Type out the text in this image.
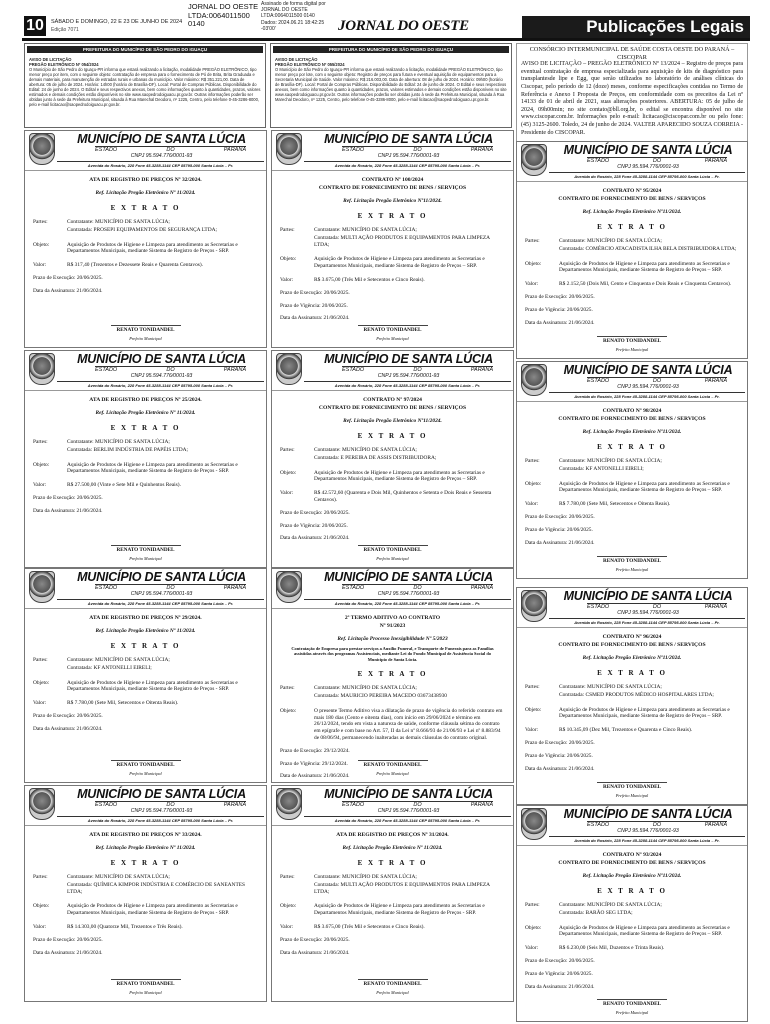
10	SÁBADO E DOMINGO, 22 E 23 DE JUNHO DE 2024
Edição 7071
JORNAL DO OESTE LTDA:0064011500 0140
Assinado de forma digital por JORNAL DO OESTE LTDA:0064011500 0140 Dados: 2024.06.21 18:42:25 -03'00'	JORNAL DO OESTE	Publicações Legais
PREFEITURA DO MUNICÍPIO DE SÃO PEDRO DO IGUAÇU
AVISO DE LICITAÇÃO
PREGÃO ELETRÔNICO Nº 054/2024
O Município de São Pedro do Iguaçu-PR informa que estará realizando a licitação, modalidade PREGÃO ELETRÔNICO, tipo menor preço por item, com o seguinte objeto: contratação de empresa para o fornecimento de Pó de Brita, Brita Graduada e demais materiais, para manutenção de estradas rurais e urbanas do município. Valor máximo: R$ 351.221,00. Data de abertura: 05 de julho de 2024. Horário: 14h00 (horário de Brasília-DF). Local: Portal de Compras Públicas. Disponibilidade do Edital: 24 de junho de 2024. O Edital e seus respectivos anexos, bem como informações quanto à quantidades, prazos, valores estimados e demais condições estão disponíveis no site www.saopedrodoiguacu.pr.gov.br. Outras informações poderão ser obtidas junto à sede da Prefeitura Municipal, situada à Rua Marechal Deodoro, nº 1225, Centro, pelo telefone 0-45-3286-8000, pelo e-mail licitacao@saopedrodoiguacu.pr.gov.br.
PREFEITURA DO MUNICÍPIO DE SÃO PEDRO DO IGUAÇU
AVISO DE LICITAÇÃO
PREGÃO ELETRÔNICO Nº 055/2024
O Município de São Pedro do Iguaçu-PR informa que estará realizando a licitação, modalidade PREGÃO ELETRÔNICO, tipo menor preço por lote, com o seguinte objeto: Registro de preços para futura e eventual aquisição de equipamentos para a Secretaria Municipal de Saúde. Valor máximo: R$ 216.003,00. Data de abertura: 08 de julho de 2024. Horário: 09h00 (horário de Brasília-DF). Local: Portal de Compras Públicas. Disponibilidade do Edital: 24 de junho de 2024. O Edital e seus respectivos anexos, bem como informações quanto à quantidades, prazos, valores estimados e demais condições estão disponíveis no site www.saopedrodoiguacu.pr.gov.br. Outras informações poderão ser obtidas junto à sede da Prefeitura Municipal, situada à Rua Marechal Deodoro, nº 1225, Centro, pelo telefone 0-45-3286-8000, pelo e-mail licitacao@saopedrodoiguacu.pr.gov.br.
CONSÓRCIO INTERMUNICIPAL DE SAÚDE COSTA OESTE DO PARANÁ – CISCOPAR
AVISO DE LICITAÇÃO – PREGÃO ELETRÔNICO Nº 13/2024 – Registro de preços para eventual contratação de empresa especializada para aquisição de kits de diagnóstico para transplantesde lipe e Egg, que serão utilizados no laboratório de análises clínicas do Ciscopar, pelo período de 12 (doze) meses, conforme especificações contidas no Termo de Referência e Anexo I Proposta de Preços, em conformidade com os preceitos da Lei nº 14133 de 01 de abril de 2021, suas alterações posteriores. ABERTURA: 05 de julho de 2024, 09h00min; no site contato@bll.org.br, o edital se encontra disponível no site www.ciscopar.com.br. Informações pelo e-mail: licitacao@ciscopar.com.br ou pelo fone: (45) 3125-2600. Toledo, 24 de junho de 2024. VALTER APARECIDO SOUZA CORREIA - Presidente do CISCOPAR.
MUNICÍPIO DE SANTA LÚCIA
ESTADO	DO	PARANÁ
CNPJ 95.594.776/0001-93
Avenida do Rosário, 228 Fone 45-3288-1144 CEP 85795-000 Santa Lúcia – Pr.
ATA DE REGISTRO DE PREÇOS Nº 32/2024.
Ref. Licitação Pregão Eletrônico Nº 11/2024.
E X T R A T O
Partes:	Contratante: MUNICÍPIO DE SANTA LÚCIA;
Contratada: PROSEPI EQUIPAMENTOS DE SEGURANÇA LTDA;
Objeto:	Aquisição de Produtos de Higiene e Limpeza para atendimento as Secretarias e Departamentos Municipais, mediante Sistema de Registro de Preços - SRP.
Valor:	R$ 317,40 (Trezentos e Dezessete Reais e Quarenta Centavos).
Prazo de Execução: 20/06/2025.
Data da Assinatura: 21/06/2024.
RENATO TONIDANDEL
Prefeito Municipal
MUNICÍPIO DE SANTA LÚCIA
ESTADO	DO	PARANÁ
CNPJ 95.594.776/0001-93
Avenida do Rosário, 228 Fone 45-3288-1144 CEP 85795-000 Santa Lúcia – Pr.
CONTRATO Nº 100/2024
CONTRATO DE FORNECIMENTO DE BENS / SERVIÇOS
Ref. Licitação Pregão Eletrônico Nº11/2024.
E X T R A T O
Partes:	Contratante: MUNICÍPIO DE SANTA LÚCIA;
Contratada: MULTI AÇÃO PRODUTOS E EQUIPAMENTOS PARA LIMPEZA LTDA;
Objeto:	Aquisição de Produtos de Higiene e Limpeza para atendimento as Secretarias e Departamentos Municipais, mediante Sistema de Registro de Preços – SRP.
Valor:	R$ 3.675,00 (Três Mil e Setecentos e Cinco Reais).
Prazo de Execução: 20/06/2025.
Prazo de Vigência: 20/06/2025.
Data da Assinatura: 21/06/2024.
RENATO TONIDANDEL
Prefeito Municipal
MUNICÍPIO DE SANTA LÚCIA
ESTADO	DO	PARANÁ
CNPJ 95.594.776/0001-93
Avenida do Rosário, 228 Fone 45-3288-1144 CEP 85795-000 Santa Lúcia – Pr.
CONTRATO Nº 95/2024
CONTRATO DE FORNECIMENTO DE BENS / SERVIÇOS
Ref. Licitação Pregão Eletrônico Nº11/2024.
E X T R A T O
Partes:	Contratante: MUNICÍPIO DE SANTA LÚCIA;
Contratada: COMÉRCIO ATACADISTA ILHA BELA DISTRIBUIDORA LTDA;
Objeto:	Aquisição de Produtos de Higiene e Limpeza para atendimento as Secretarias e Departamentos Municipais, mediante Sistema de Registro de Preços – SRP.
Valor:	R$ 2.152,50 (Dois Mil, Cento e Cinquenta e Dois Reais e Cinquenta Centavos).
Prazo de Execução: 20/06/2025.
Prazo de Vigência: 20/06/2025.
Data da Assinatura: 21/06/2024.
RENATO TONIDANDEL
Prefeito Municipal
MUNICÍPIO DE SANTA LÚCIA
ESTADO	DO	PARANÁ
CNPJ 95.594.776/0001-93
Avenida do Rosário, 228 Fone 45-3288-1144 CEP 85795-000 Santa Lúcia – Pr.
ATA DE REGISTRO DE PREÇOS Nº 25/2024.
Ref. Licitação Pregão Eletrônico Nº 11/2024.
E X T R A T O
Partes:	Contratante: MUNICÍPIO DE SANTA LÚCIA;
Contratada: BERLIM INDÚSTRIA DE PAPÉIS LTDA;
Objeto:	Aquisição de Produtos de Higiene e Limpeza para atendimento as Secretarias e Departamentos Municipais, mediante Sistema de Registro de Preços - SRP.
Valor:	R$ 27.500,00 (Vinte e Sete Mil e Quinhentos Reais).
Prazo de Execução: 20/06/2025.
Data da Assinatura: 21/06/2024.
RENATO TONIDANDEL
Prefeito Municipal
MUNICÍPIO DE SANTA LÚCIA
ESTADO	DO	PARANÁ
CNPJ 95.594.776/0001-93
Avenida do Rosário, 228 Fone 45-3288-1144 CEP 85795-000 Santa Lúcia – Pr.
CONTRATO Nº 97/2024
CONTRATO DE FORNECIMENTO DE BENS / SERVIÇOS
Ref. Licitação Pregão Eletrônico Nº11/2024.
E X T R A T O
Partes:	Contratante: MUNICÍPIO DE SANTA LÚCIA;
Contratada: E PEREIRA DE ASSIS DISTRIBUIDORA;
Objeto:	Aquisição de Produtos de Higiene e Limpeza para atendimento as Secretarias e Departamentos Municipais, mediante Sistema de Registro de Preços – SRP.
Valor:	R$ 42.572,60 (Quarenta e Dois Mil, Quinhentos e Setenta e Dois Reais e Sessenta Centavos).
Prazo de Execução: 20/06/2025.
Prazo de Vigência: 20/06/2025.
Data da Assinatura: 21/06/2024.
RENATO TONIDANDEL
Prefeito Municipal
MUNICÍPIO DE SANTA LÚCIA
ESTADO	DO	PARANÁ
CNPJ 95.594.776/0001-93
Avenida do Rosário, 228 Fone 45-3288-1144 CEP 85795-000 Santa Lúcia – Pr.
CONTRATO Nº 98/2024
CONTRATO DE FORNECIMENTO DE BENS / SERVIÇOS
Ref. Licitação Pregão Eletrônico Nº11/2024.
E X T R A T O
Partes:	Contratante: MUNICÍPIO DE SANTA LÚCIA;
Contratada: KF ANTONELLI EIRELI;
Objeto:	Aquisição de Produtos de Higiene e Limpeza para atendimento as Secretarias e Departamentos Municipais, mediante Sistema de Registro de Preços – SRP.
Valor:	R$ 7.780,00 (Sete Mil, Setecentos e Oitenta Reais).
Prazo de Execução: 20/06/2025.
Prazo de Vigência: 20/06/2025.
Data da Assinatura: 21/06/2024.
RENATO TONIDANDEL
Prefeito Municipal
MUNICÍPIO DE SANTA LÚCIA
ESTADO	DO	PARANÁ
CNPJ 95.594.776/0001-93
Avenida do Rosário, 228 Fone 45-3288-1144 CEP 85795-000 Santa Lúcia – Pr.
ATA DE REGISTRO DE PREÇOS Nº 29/2024.
Ref. Licitação Pregão Eletrônico Nº 11/2024.
E X T R A T O
Partes:	Contratante: MUNICÍPIO DE SANTA LÚCIA;
Contratada: KF ANTONELLI EIRELI;
Objeto:	Aquisição de Produtos de Higiene e Limpeza para atendimento as Secretarias e Departamentos Municipais, mediante Sistema de Registro de Preços - SRP.
Valor:	R$ 7.780,00 (Sete Mil, Setecentos e Oitenta Reais).
Prazo de Execução: 20/06/2025.
Data da Assinatura: 21/06/2024.
RENATO TONIDANDEL
Prefeito Municipal
MUNICÍPIO DE SANTA LÚCIA
ESTADO	DO	PARANÁ
CNPJ 95.594.776/0001-93
Avenida do Rosário, 228 Fone 45-3288-1144 CEP 85795-000 Santa Lúcia – Pr.
2º TERMO ADITIVO AO CONTRATO
Nº 91/2023
Ref. Licitação Processo Inexigibilidade Nº 5/2023
Contratação de Empresa para prestar serviços a Auxílio Funeral, e Transporte de Funerais para as Famílias assistidas através dos programas Assistenciais, mediante Lei do Fundo Municipal de Assistência Social do Município de Santa Lúcia.
E X T R A T O
Partes:	Contratante: MUNICÍPIO DE SANTA LÚCIA;
Contratada: MAURICIO PEREIRA MACEDO 03673438930
Objeto:	O presente Termo Aditivo visa a dilatação de prazo de vigência do referido contrato em mais 180 dias (Cento e oitenta dias), com início em 29/06/2024 e término em 26/12/2024, tendo em vista a natureza de saúde, conforme cláusula sétima do contrato em epígrafe e com base no Art. 57, II da Lei nº 8.666/93 de 21/06/93 e Lei nº 8.883/94 de 08/06/94, permanecendo inalteradas as demais cláusulas do contrato original.
Prazo de Execução: 29/12/2024.
Prazo de Vigência: 29/12/2024.
Data de Assinatura: 21/06/2024.
RENATO TONIDANDEL
Prefeito Municipal
MUNICÍPIO DE SANTA LÚCIA
ESTADO	DO	PARANÁ
CNPJ 95.594.776/0001-93
Avenida do Rosário, 228 Fone 45-3288-1144 CEP 85795-000 Santa Lúcia – Pr.
CONTRATO Nº 96/2024
CONTRATO DE FORNECIMENTO DE BENS / SERVIÇOS
Ref. Licitação Pregão Eletrônico Nº11/2024.
E X T R A T O
Partes:	Contratante: MUNICÍPIO DE SANTA LÚCIA;
Contratada: CSMED PRODUTOS MÉDICO HOSPITALARES LTDA;
Objeto:	Aquisição de Produtos de Higiene e Limpeza para atendimento as Secretarias e Departamentos Municipais, mediante Sistema de Registro de Preços – SRP.
Valor:	R$ 10.345,09 (Dez Mil, Trezentos e Quarenta e Cinco Reais).
Prazo de Execução: 20/06/2025.
Prazo de Vigência: 20/06/2025.
Data da Assinatura: 21/06/2024.
RENATO TONIDANDEL
Prefeito Municipal
MUNICÍPIO DE SANTA LÚCIA
ESTADO	DO	PARANÁ
CNPJ 95.594.776/0001-93
Avenida do Rosário, 228 Fone 45-3288-1144 CEP 85795-000 Santa Lúcia – Pr.
ATA DE REGISTRO DE PREÇOS Nº 33/2024.
Ref. Licitação Pregão Eletrônico Nº 11/2024.
E X T R A T O
Partes:	Contratante: MUNICÍPIO DE SANTA LÚCIA;
Contratada: QUÍMICA KIMPOR INDÚSTRIA E COMÉRCIO DE SANEANTES LTDA;
Objeto:	Aquisição de Produtos de Higiene e Limpeza para atendimento as Secretarias e Departamentos Municipais, mediante Sistema de Registro de Preços - SRP.
Valor:	R$ 14.303,00 (Quatorze Mil, Trezentos e Três Reais).
Prazo de Execução: 20/06/2025.
Data da Assinatura: 21/06/2024.
RENATO TONIDANDEL
Prefeito Municipal
MUNICÍPIO DE SANTA LÚCIA
ESTADO	DO	PARANÁ
CNPJ 95.594.776/0001-93
Avenida do Rosário, 228 Fone 45-3288-1144 CEP 85795-000 Santa Lúcia – Pr.
ATA DE REGISTRO DE PREÇOS Nº 31/2024.
Ref. Licitação Pregão Eletrônico Nº 11/2024.
E X T R A T O
Partes:	Contratante: MUNICÍPIO DE SANTA LÚCIA;
Contratada: MULTI AÇÃO PRODUTOS E EQUIPAMENTOS PARA LIMPEZA LTDA;
Objeto:	Aquisição de Produtos de Higiene e Limpeza para atendimento as Secretarias e Departamentos Municipais, mediante Sistema de Registro de Preços - SRP.
Valor:	R$ 3.675,00 (Três Mil e Setecentos e Cinco Reais).
Prazo de Execução: 20/06/2025.
Data da Assinatura: 21/06/2024.
RENATO TONIDANDEL
Prefeito Municipal
MUNICÍPIO DE SANTA LÚCIA
ESTADO	DO	PARANÁ
CNPJ 95.594.776/0001-93
Avenida do Rosário, 228 Fone 45-3288-1144 CEP 85795-000 Santa Lúcia – Pr.
CONTRATO Nº 93/2024
CONTRATO DE FORNECIMENTO DE BENS / SERVIÇOS
Ref. Licitação Pregão Eletrônico Nº11/2024.
E X T R A T O
Partes:	Contratante: MUNICÍPIO DE SANTA LÚCIA;
Contratada: BARÃO SEG LTDA;
Objeto:	Aquisição de Produtos de Higiene e Limpeza para atendimento as Secretarias e Departamentos Municipais, mediante Sistema de Registro de Preços – SRP.
Valor:	R$ 6.230,00 (Seis Mil, Duzentos e Trinta Reais).
Prazo de Execução: 20/06/2025.
Prazo de Vigência: 20/06/2025.
Data da Assinatura: 21/06/2024.
RENATO TONIDANDEL
Prefeito Municipal
